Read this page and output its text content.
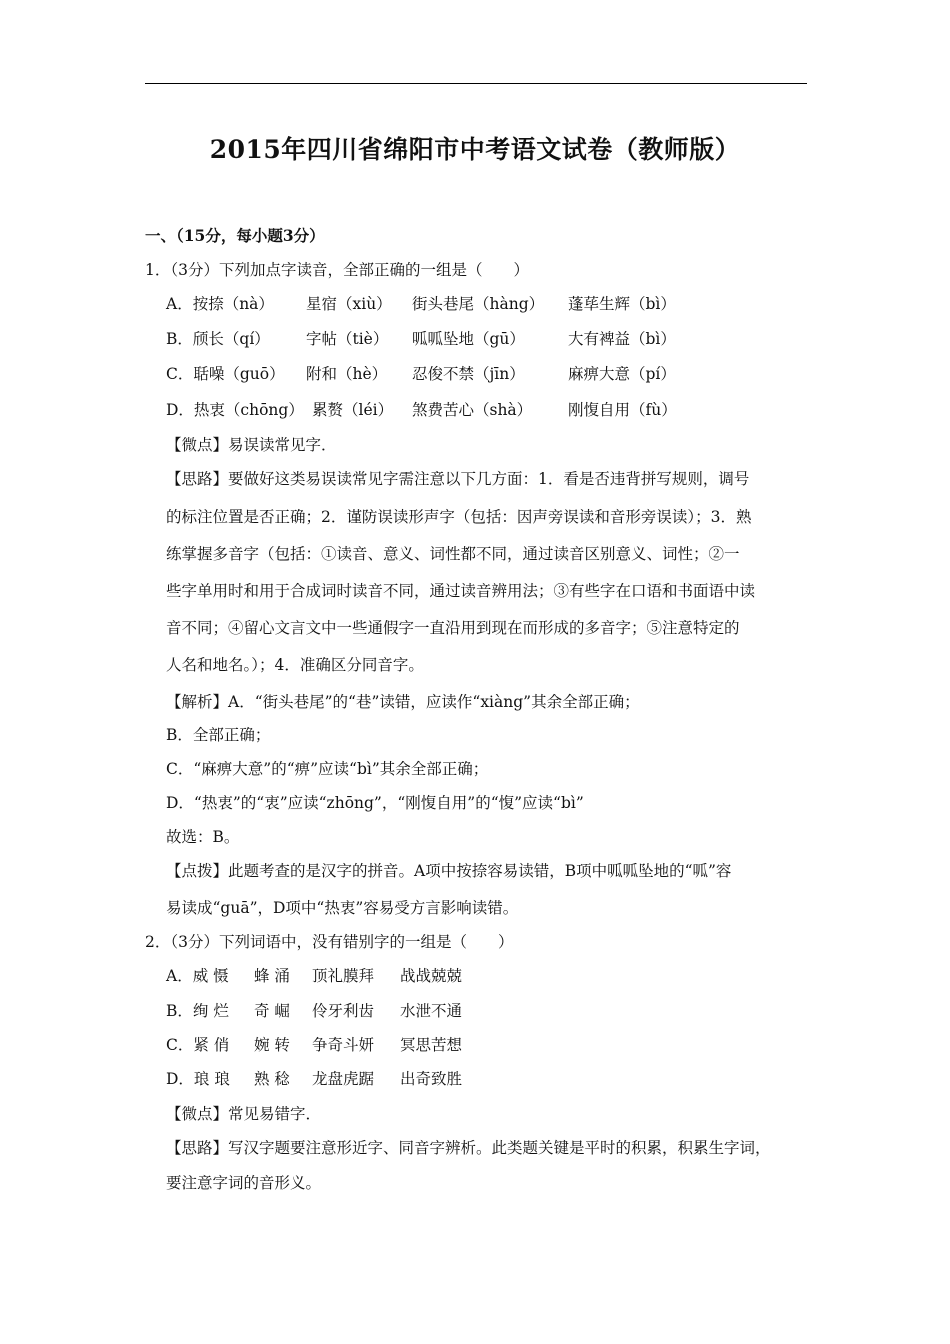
2015年四川省绵阳市中考语文试卷（教师版）
一、（15分，每小题3分）
1．（3分）下列加点字读音，全部正确的一组是（　　）
A．按捺（nà） 星宿（xiù） 街头巷尾（hàng） 蓬荜生辉（bì）
B．颀长（qí） 字帖（tiè） 呱呱坠地（gū）	大有裨益（bì）
C．聒噪（guō） 附和（hè） 忍俊不禁（jīn）	麻痹大意（pí）
D．热衷（chōng） 累赘（léi） 煞费苦心（shà） 刚愎自用（fù）
【微点】易误读常见字．
【思路】要做好这类易误读常见字需注意以下几方面：1．看是否违背拼写规则，调号
的标注位置是否正确；2．谨防误读形声字（包括：因声旁误读和音形旁误读）；3．熟
练掌握多音字（包括：①读音、意义、词性都不同，通过读音区别意义、词性；②一
些字单用时和用于合成词时读音不同，通过读音辨用法；③有些字在口语和书面语中读
音不同；④留心文言文中一些通假字一直沿用到现在而形成的多音字；⑤注意特定的
人名和地名。）；4．准确区分同音字。
【解析】A．“街头巷尾”的“巷”读错，应读作“xiàng”其余全部正确；
B．全部正确；
C．“麻痹大意”的“痹”应读“bì”其余全部正确；
D．“热衷”的“衷”应读“zhōng”，“刚愎自用”的“愎”应读“bì”
故选：B。
【点拨】此题考查的是汉字的拼音。A项中按捺容易读错，B项中呱呱坠地的“呱”容
易读成“guā”，D项中“热衷”容易受方言影响读错。
2．（3分）下列词语中，没有错别字的一组是（　　）
A．威 慑 蜂 涌 顶礼膜拜 战战兢兢
B．绚 烂 奇 崛 伶牙利齿 水泄不通
C．紧 俏 婉 转 争奇斗妍 冥思苦想
D．琅 琅 熟 稔 龙盘虎踞 出奇致胜
【微点】常见易错字．
【思路】写汉字题要注意形近字、同音字辨析。此类题关键是平时的积累，积累生字词，
要注意字词的音形义。
